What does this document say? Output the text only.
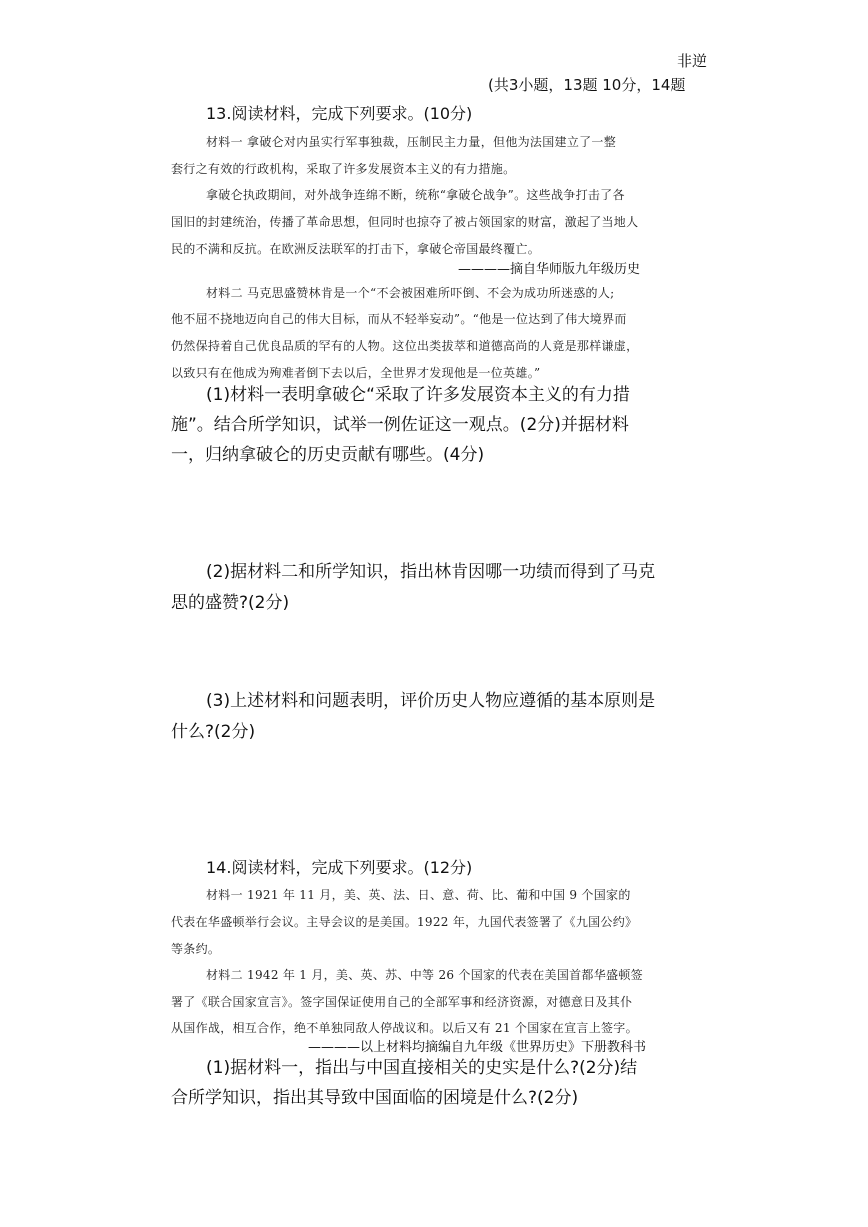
非逆
(共3小题，13题 10分，14题
13.阅读材料，完成下列要求。(10分)
材料一 拿破仑对内虽实行军事独裁，压制民主力量，但他为法国建立了一整
套行之有效的行政机构，采取了许多发展资本主义的有力措施。
拿破仑执政期间，对外战争连绵不断，统称“拿破仑战争”。这些战争打击了各
国旧的封建统治，传播了革命思想，但同时也掠夺了被占领国家的财富，激起了当地人
民的不满和反抗。在欧洲反法联军的打击下，拿破仑帝国最终覆亡。
————摘自华师版九年级历史
材料二 马克思盛赞林肯是一个“不会被困难所吓倒、不会为成功所迷惑的人;
他不屈不挠地迈向自己的伟大目标，而从不轻举妄动”。“他是一位达到了伟大境界而
仍然保持着自己优良品质的罕有的人物。这位出类拔萃和道德高尚的人竟是那样谦虚，
以致只有在他成为殉难者倒下去以后，全世界才发现他是一位英雄。”
(1)材料一表明拿破仑“采取了许多发展资本主义的有力措
施”。结合所学知识，试举一例佐证这一观点。(2分)并据材料
一，归纳拿破仑的历史贡献有哪些。(4分)
(2)据材料二和所学知识，指出林肯因哪一功绩而得到了马克
思的盛赞?(2分)
(3)上述材料和问题表明，评价历史人物应遵循的基本原则是
什么?(2分)
14.阅读材料，完成下列要求。(12分)
材料一 1921 年 11 月，美、英、法、日、意、荷、比、葡和中国 9 个国家的
代表在华盛顿举行会议。主导会议的是美国。1922 年，九国代表签署了《九国公约》
等条约。
材料二 1942 年 1 月，美、英、苏、中等 26 个国家的代表在美国首都华盛顿签
署了《联合国家宣言》。签字国保证使用自己的全部军事和经济资源，对德意日及其仆
从国作战，相互合作，绝不单独同敌人停战议和。以后又有 21 个国家在宣言上签字。
————以上材料均摘编自九年级《世界历史》下册教科书
(1)据材料一，指出与中国直接相关的史实是什么?(2分)结
合所学知识，指出其导致中国面临的困境是什么?(2分)
